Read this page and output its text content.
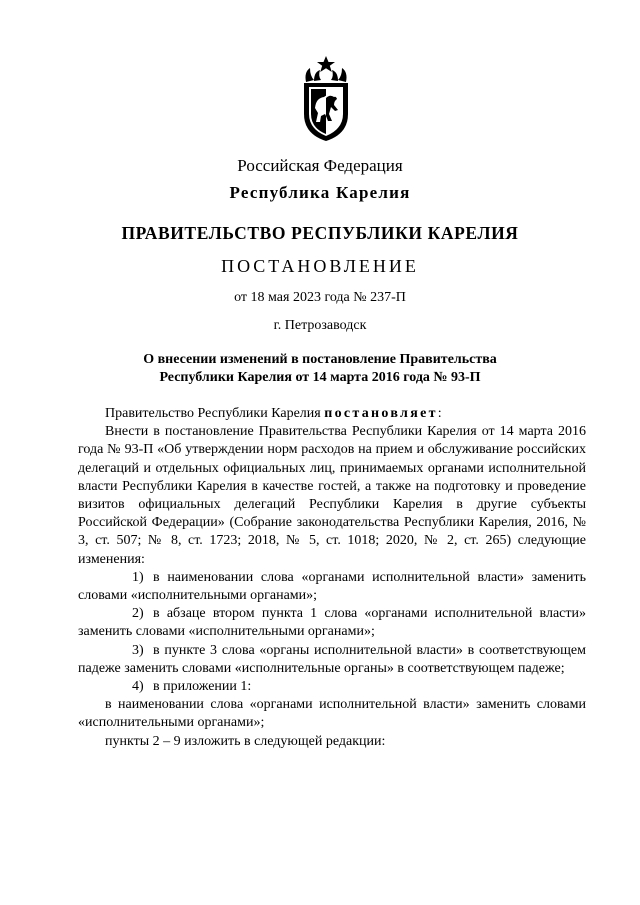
Российская Федерация
Республика Карелия
ПРАВИТЕЛЬСТВО РЕСПУБЛИКИ КАРЕЛИЯ
ПОСТАНОВЛЕНИЕ
от 18 мая 2023 года № 237-П
г. Петрозаводск
О внесении изменений в постановление Правительства
Республики Карелия от 14 марта 2016 года № 93-П

Правительство Республики Карелия постановляет:

Внести в постановление Правительства Республики Карелия от 14 марта 2016 года № 93-П «Об утверждении норм расходов на прием и обслуживание российских делегаций и отдельных официальных лиц, принимаемых органами исполнительной власти Республики Карелия в качестве гостей, а также на подготовку и проведение визитов официальных делегаций Республики Карелия в другие субъекты Российской Федерации» (Собрание законодательства Республики Карелия, 2016, № 3, ст. 507; № 8, ст. 1723; 2018, № 5, ст. 1018; 2020, № 2, ст. 265) следующие изменения:

1) в наименовании слова «органами исполнительной власти» заменить словами «исполнительными органами»;

2) в абзаце втором пункта 1 слова «органами исполнительной власти» заменить словами «исполнительными органами»;

3) в пункте 3 слова «органы исполнительной власти» в соответствующем падеже заменить словами «исполнительные органы» в соответствующем падеже;

4) в приложении 1:

в наименовании слова «органами исполнительной власти» заменить словами «исполнительными органами»;

пункты 2 – 9 изложить в следующей редакции:
